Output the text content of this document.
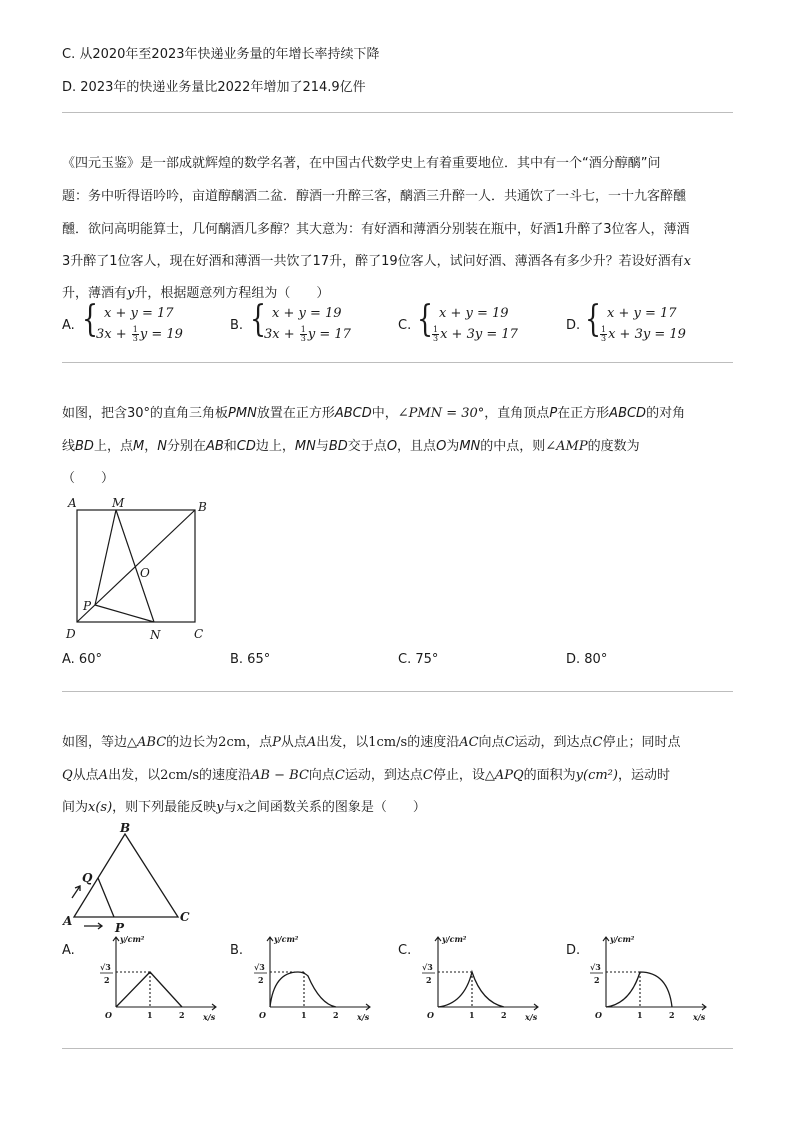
C. 从2020年至2023年快递业务量的年增长率持续下降
D. 2023年的快递业务量比2022年增加了214.9亿件
《四元玉鉴》是一部成就辉煌的数学名著，在中国古代数学史上有着重要地位．其中有一个“酒分醇醨”问
题：务中听得语吟吟，亩道醇醨酒二盆．醇酒一升醉三客，醨酒三升醉一人．共通饮了一斗七，一十九客醉醺
醺．欲问高明能算士，几何醨酒几多醇？其大意为：有好酒和薄酒分别装在瓶中，好酒1升醉了3位客人，薄酒
3升醉了1位客人，现在好酒和薄酒一共饮了17升，醉了19位客人，试问好酒、薄酒各有多少升？若设好酒有x
升，薄酒有y升，根据题意列方程组为（　　）
A. { x + y = 17
$3x + \frac{1}{3}$ y = 19
B. { x + y = 19
$3x + \frac{1}{3}$ y = 17
C. { x + y = 19
$\frac{1}{3}$ x + 3y = 17
D. { x + y = 17
$\frac{1}{3}$ x + 3y = 19
如图，把含30°的直角三角板PMN放置在正方形ABCD中，∠PMN = 30°，直角顶点P在正方形ABCD的对角
线BD上，点M，N分别在AB和CD边上，MN与BD交于点O，且点O为MN的中点，则∠AMP的度数为
（　　）
A	M	B
O
P
D	N	C
A. 60°	B. 65°	C. 75°	D. 80°
如图，等边△ABC的边长为2cm，点P从点A出发，以1cm/s的速度沿AC向点C运动，到达点C停止；同时点
Q从点A出发，以2cm/s的速度沿AB − BC向点C运动，到达点C停止，设△APQ的面积为y(cm²)，运动时
间为x(s)，则下列最能反映y与x之间函数关系的图象是（　　）
B
Q
A	C
P
A.	B.	C.	D.
y/cm²
x/s
O	1	2
√3
2
y/cm²
x/s
O	1	2
√3
2
y/cm²
x/s
O	1	2
√3
2
y/cm²
x/s
O	1	2
√3
2
